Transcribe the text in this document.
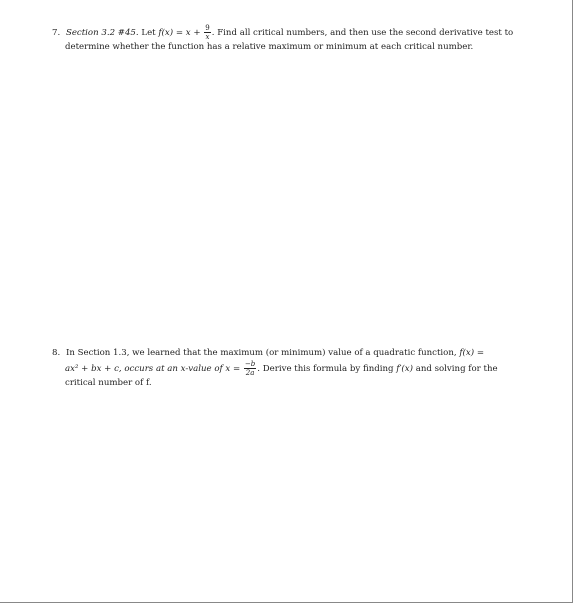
7. Section 3.2 #45. Let $f(x) = x + \frac{9}{x}$ . Find all critical numbers, and then use the second derivative test to

determine whether the function has a relative maximum or minimum at each critical number.

8. In Section 1.3, we learned that the maximum (or minimum) value of a quadratic function, f(x) =

ax² + bx + c, occurs at an x-value of $x = \frac{-b}{2a}$ . Derive this formula by finding f′(x) and solving for the

critical number of f.
